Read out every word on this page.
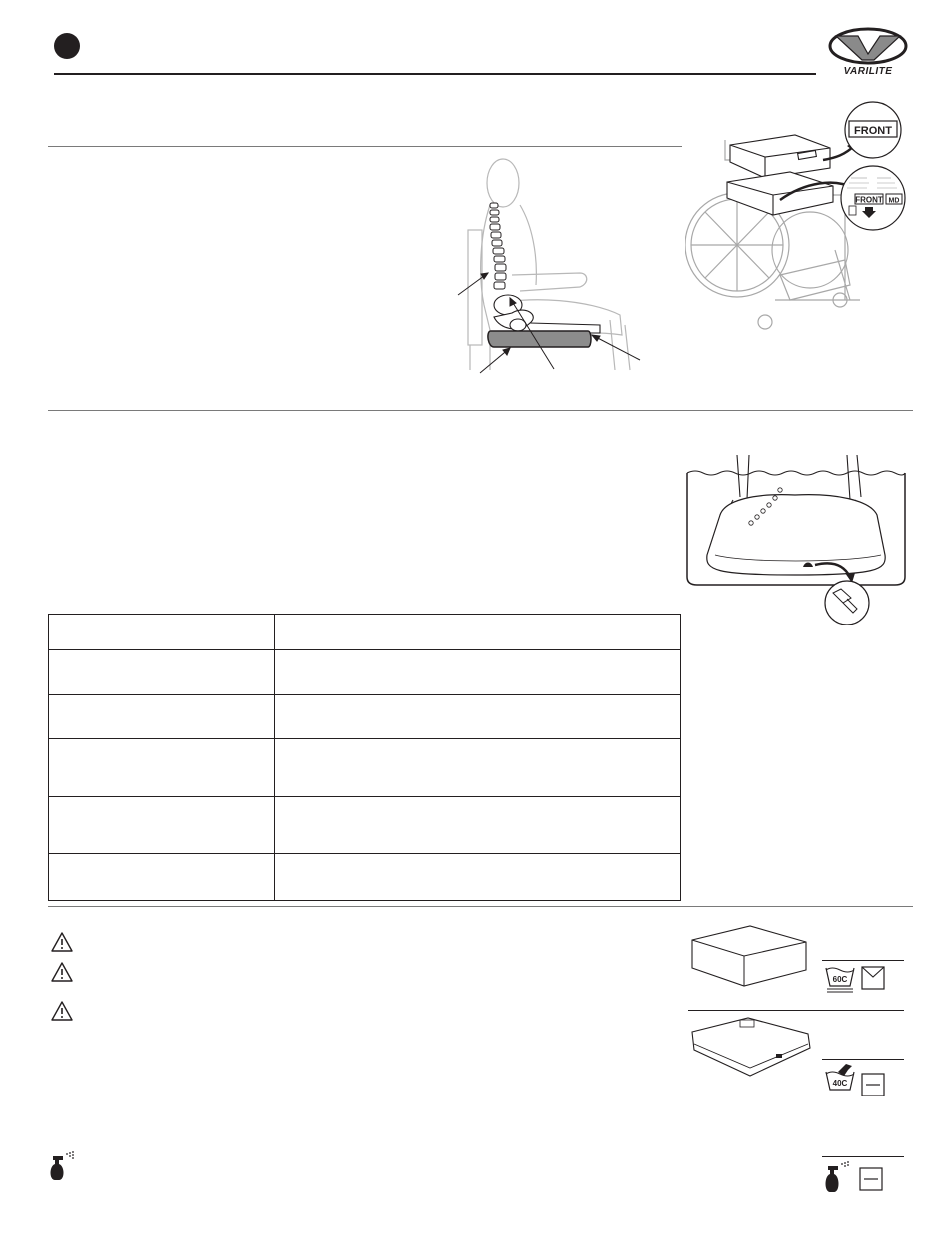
VARILITE
FRONT
FRONT MD

60C
40C
